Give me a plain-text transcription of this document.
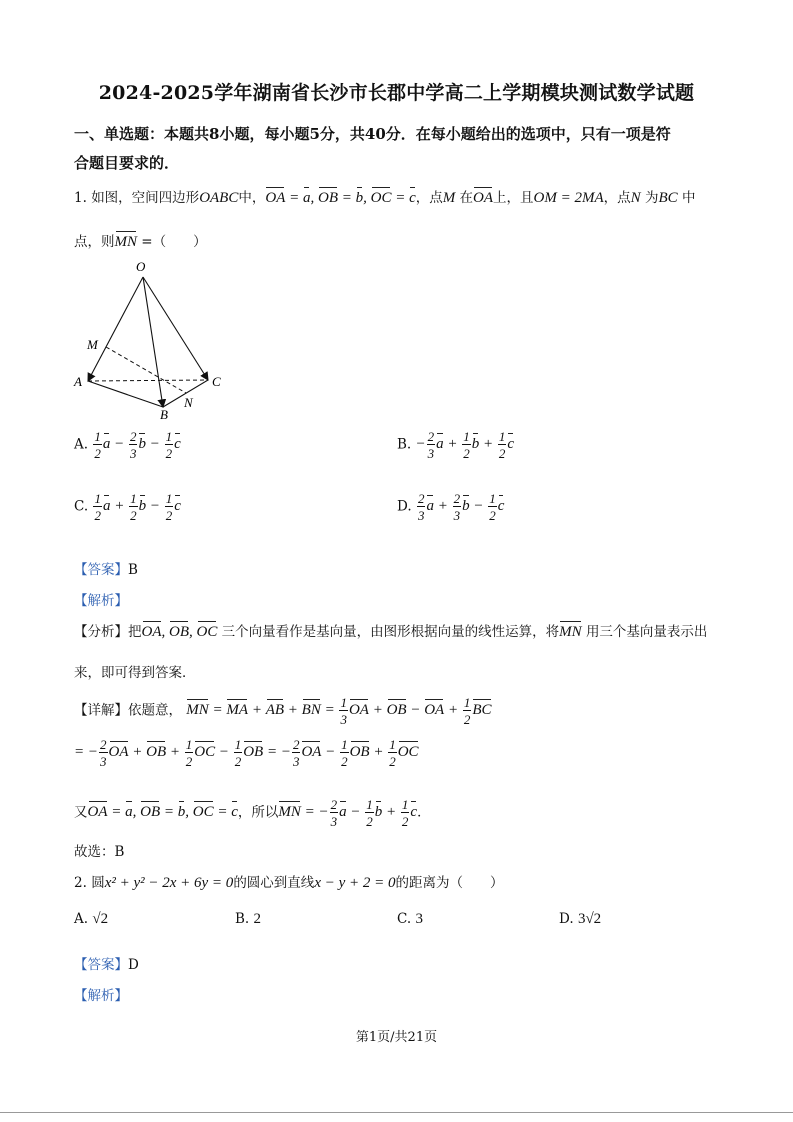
2024-2025学年湖南省长沙市长郡中学高二上学期模块测试数学试题
一、单选题：本题共8小题，每小题5分，共40分．在每小题给出的选项中，只有一项是符
合题目要求的．
1. 如图，空间四边形OABC中，OA = a, OB = b, OC = c，点M 在OA上，且OM = 2MA，点N 为BC 中
点，则MN =（　　）
O
A
B
C
M
N
A. $\frac{1}{2}$ $a - \frac{2}{3}$ $b - \frac{1}{2}$ c	B. − $\frac{2}{3}$ $a + \frac{1}{2}$ $b + \frac{1}{2}$ c
C. $\frac{1}{2}$ $a + \frac{1}{2}$ $b - \frac{1}{2}$ c	D. $\frac{2}{3}$ $a + \frac{2}{3}$ $b - \frac{1}{2}$ c
【答案】B
【解析】
【分析】把OA, OB, OC 三个向量看作是基向量，由图形根据向量的线性运算，将MN 用三个基向量表示出
来，即可得到答案．
【详解】依题意， MN = MA + AB + BN = $\frac{1}{3}$ OA + OB − OA + $\frac{1}{2}$ BC
= − $\frac{2}{3}$ OA + OB + $\frac{1}{2}$ OC − $\frac{1}{2}$ OB = − $\frac{2}{3}$ OA − $\frac{1}{2}$ OB + $\frac{1}{2}$ OC
又OA = a, OB = b, OC = c，所以MN = − $\frac{2}{3}$ $a - \frac{1}{2}$ $b + \frac{1}{2}$ c．
故选：B
2. 圆x² + y² − 2x + 6y = 0的圆心到直线x − y + 2 = 0的距离为（　　）
A. √2	B. 2	C. 3	D. 3√2
【答案】D
【解析】
第1页/共21页
